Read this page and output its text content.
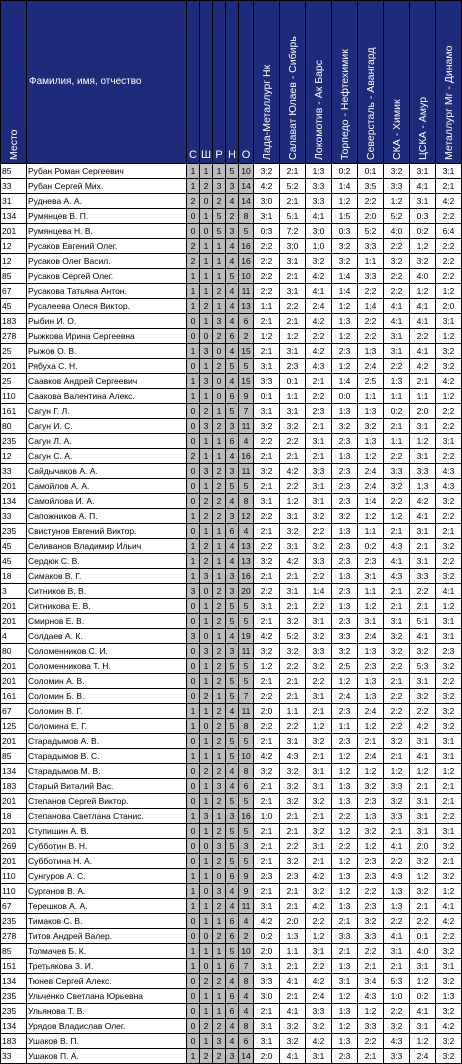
Место	Фамилия, имя, отчество	С	Ш	Р	Н	О	Лада-Металлург Нк	Салават Юлаев - Сибирь	Локомотив - Ак Барс	Торпедо - Нефтехимик	Северсталь - Авангард	СКА - Химик	ЦСКА - Амур	Металлург Мг - Динамо

85	Рубан Роман Сергеевич	1	1	1	5	10	3:2	2:1	1:3	0:2	0:1	3:2	3:1	3:1
33	Рубан Сергей Мих.	1	2	3	3	14	4:2	5:2	3:3	1:4	3:5	3:3	4:1	2:1
31	Руднева А. А.	2	0	2	4	14	3:0	2:1	3:3	1:2	2:2	1:2	3:1	4:2
134	Румянцев В. П.	0	1	5	2	8	3:1	5:1	4:1	1:5	2:0	5:2	0:3	2:2
201	Румянцева Н. В.	0	0	5	3	5	0:3	7:2	3:0	0:3	5:2	4:0	0:2	6:4
12	Русаков Евгений Олег.	2	1	1	4	16	2:2	3:0	1:0	3:2	3:3	2:2	1:2	2:2
12	Русаков Олег Васил.	2	1	1	4	16	2:2	3:1	3:2	3:2	1:1	3:2	3:2	2:2
85	Русаков Сергей Олег.	1	1	1	5	10	2:2	2:1	4:2	1:4	3:3	2:2	4:0	2:2
67	Русакова Татьяна Антон.	1	1	2	4	11	2:2	3:1	4:1	1:4	2:2	2:2	1:2	1:2
45	Русалеева Олеся Виктор.	1	2	1	4	13	1:1	2:2	2:4	1:2	1:4	4:1	4:1	2:0
183	Рыбин И. О.	0	1	3	4	6	2:1	2:1	4:2	1:3	2:2	4:1	4:1	3:1
278	Рыжкова Ирина Сергеевна	0	0	2	6	2	1:2	1:2	2:2	1:2	2:2	3:1	2:2	1:2
25	Рыжов О. В.	1	3	0	4	15	2:1	3:1	4:2	2:3	1:3	3:1	4:1	3:2
201	Рябуха С. Н.	0	1	2	5	5	3:1	2:3	4:3	1:2	2:4	2:2	4:2	3:2
25	Саавков Андрей Сергеевич	1	3	0	4	15	3:3	0:1	2:1	1:4	2:5	1:3	2:1	4:2
110	Саакова Валентина Алекс.	1	1	0	6	9	0:1	1:1	2:2	0:0	1:1	1:1	1:1	1:2
161	Сагун Г. Л.	0	2	1	5	7	3:1	3:1	2:3	1:3	1:3	0:2	2:0	2:2
80	Сагун И. С.	0	3	2	3	11	3:2	3:2	2:1	3:2	3:2	2:1	3:1	2:2
235	Сагун Л. А.	0	1	1	6	4	2:2	2:2	3:1	2:3	1:3	1:1	1:2	3:1
12	Сагун С. А.	2	1	1	4	16	2:1	2:1	2:1	1:3	1:2	2:2	3:1	2:2
33	Сайдычаков А. А.	0	3	2	3	11	3:2	4:2	3:3	2:3	2:4	3:3	3:3	4:3
201	Самойлов А. А.	0	1	2	5	5	2:1	2:2	3:1	2:3	2:4	3:2	1:3	4:3
134	Самойлова И. А.	0	2	2	4	8	3:1	1:2	3:1	2:3	1:4	2:2	4:2	3:2
33	Сапожников А. П.	1	2	2	3	12	2:2	3:1	3:2	3:2	1:2	1:2	4:1	2:2
235	Свистунов Евгений Виктор.	0	1	1	6	4	2:1	3:2	2:2	1:3	1:1	2:1	3:1	2:1
45	Селиванов Владимир Ильич	1	2	1	4	13	2:2	3:1	3:2	2:3	0:2	4:3	2:1	3:2
45	Сердюк С. В.	1	2	1	4	13	3:2	4:2	3:3	2:3	2:3	4:1	3:1	2:2
18	Симаков В. Г.	1	3	1	3	16	2:1	2:1	2:2	1:3	3:1	4:3	3:3	3:2
3	Ситников В. В.	3	0	2	3	20	2:2	3:1	1:4	2:3	1:1	2:1	2:2	4:1
201	Ситникова Е. В.	0	1	2	5	5	3:1	2:1	2:2	1:3	1:2	2:1	2:1	1:2
201	Смирнов Е. В.	0	1	2	5	5	2:1	3:2	3:1	2:3	3:1	3:1	5:1	3:1
4	Солдаев А. К.	3	0	1	4	19	4:2	5:2	3:2	3:3	2:4	3:2	4:1	3:1
80	Соломенников С. И.	0	3	2	3	11	3:2	3:2	3:3	3:2	1:3	3:2	3:2	2:3
201	Соломенникова Т. Н.	0	1	2	5	5	1:2	2:2	3:2	2:5	2:3	2:2	5:3	3:2
201	Соломин А. В.	0	1	2	5	5	2:1	2:1	2:2	1:2	1:3	2:1	3:1	2:2
161	Соломин Б. В.	0	2	1	5	7	2:2	2:1	3:1	2:4	1:3	2:2	3:2	3:2
67	Соломин В. Г.	1	1	2	4	11	2:0	1:1	2:1	2:3	2:4	2:2	2:2	3:2
125	Соломина Е. Г.	1	0	2	5	8	2:2	2:2	1:2	1:1	1:2	2:2	4:2	3:2
201	Старадымов А. В.	0	1	2	5	5	2:1	3:1	3:2	2:3	2:1	3:2	3:1	3:1
85	Старадымов В. С.	1	1	1	5	10	4:2	4:3	2:1	1:2	2:4	2:1	4:1	3:1
134	Старадымов М. В.	0	2	2	4	8	3:2	3:2	3:1	1:2	1:2	1:2	1:2	1:2
183	Старый Виталий Вас.	0	1	3	4	6	2:1	3:2	3:1	1:3	3:2	3:3	2:1	2:1
201	Степанов Сергей Виктор.	0	1	2	5	5	2:1	3:2	3:2	1:3	2:3	3:2	3:1	2:1
18	Степанова Светлана Станис.	1	3	1	3	16	1:0	2:1	2:1	2:2	1:3	3:3	3:1	2:2
201	Ступишин А. В.	0	1	2	5	5	2:1	2:1	3:2	1:2	3:2	2:1	3:1	3:1
269	Субботин В. Н.	0	0	3	5	3	2:1	2:2	3:1	2:2	1:2	4:1	2:0	3:2
201	Субботина Н. А.	0	1	2	5	5	2:1	3:2	2:1	1:2	2:3	2:2	3:2	2:1
110	Сунгуров А. С.	1	1	0	6	9	2:3	2:3	4:2	1:3	2:3	4:3	1:2	3:2
110	Сурганов В. А.	1	0	3	4	9	2:1	2:1	3:2	1:2	2:2	1:3	3:2	1:2
67	Терешков А. А.	1	1	2	4	11	3:1	2:1	4:2	1:3	2:3	1:3	2:1	4:1
235	Тимаков С. В.	0	1	1	6	4	4:2	2:0	2:2	2:1	3:2	2:2	2:2	4:2
278	Титов Андрей Валер.	0	0	2	6	2	0:2	1:3	1:2	3:3	3:3	4:1	0:1	2:2
85	Толмачев Б. К.	1	1	1	5	10	2:0	1:1	3:1	2:1	2:2	3:1	4:0	3:2
151	Третьякова З. И.	1	0	1	6	7	3:1	2:1	2:2	1:3	2:1	2:1	3:1	3:1
134	Тюнев Сергей Алекс.	0	2	2	4	8	3:3	4:1	4:2	3:1	3:4	5:3	1:2	3:2
235	Ульченко Светлана Юрьевна	0	1	1	6	4	3:0	2:1	2:4	1:2	4:3	1:0	0:2	1:3
235	Ульянова Т. В.	0	1	1	6	4	2:1	4:1	3:3	1:3	1:2	2:2	4:1	3:2
134	Урядов Владислав Олег.	0	2	2	4	8	3:1	3:2	3:2	1:2	3:3	3:2	3:1	4:2
183	Ушаков В. П.	0	1	3	4	6	3:1	3:2	4:2	1:3	2:2	4:3	1:2	3:2
33	Ушаков П. А.	1	2	2	3	14	2:0	4:1	3:1	2:3	2:1	3:3	2:4	3:2
